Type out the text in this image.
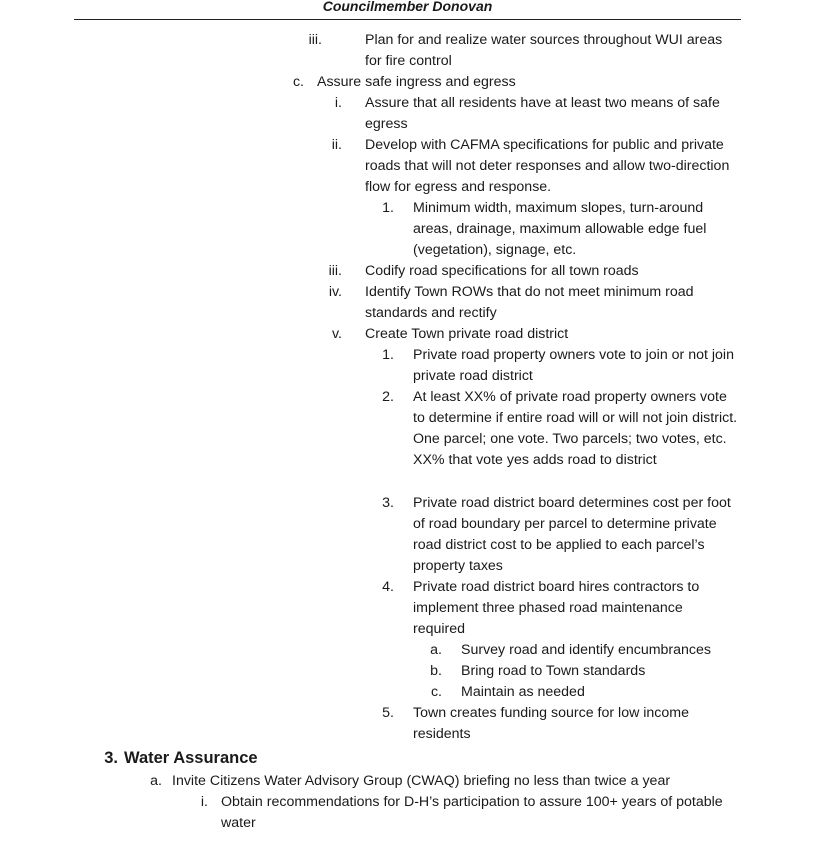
Councilmember Donovan
iii.	Plan for and realize water sources throughout WUI areas for fire control
c. Assure safe ingress and egress
i.	Assure that all residents have at least two means of safe egress
ii.	Develop with CAFMA specifications for public and private roads that will not deter responses and allow two-direction flow for egress and response.
1.	Minimum width, maximum slopes, turn-around areas, drainage, maximum allowable edge fuel (vegetation), signage, etc.
iii.	Codify road specifications for all town roads
iv.	Identify Town ROWs that do not meet minimum road standards and rectify
v.	Create Town private road district
1.	Private road property owners vote to join or not join private road district
2.	At least XX% of private road property owners vote to determine if entire road will or will not join district. One parcel; one vote. Two parcels; two votes, etc. XX% that vote yes adds road to district
3.	Private road district board determines cost per foot of road boundary per parcel to determine private road district cost to be applied to each parcel’s property taxes
4.	Private road district board hires contractors to implement three phased road maintenance required
a.	Survey road and identify encumbrances
b.	Bring road to Town standards
c.	Maintain as needed
5.	Town creates funding source for low income residents
3. Water Assurance
a. Invite Citizens Water Advisory Group (CWAQ) briefing no less than twice a year
i. Obtain recommendations for D-H’s participation to assure 100+ years of potable water
